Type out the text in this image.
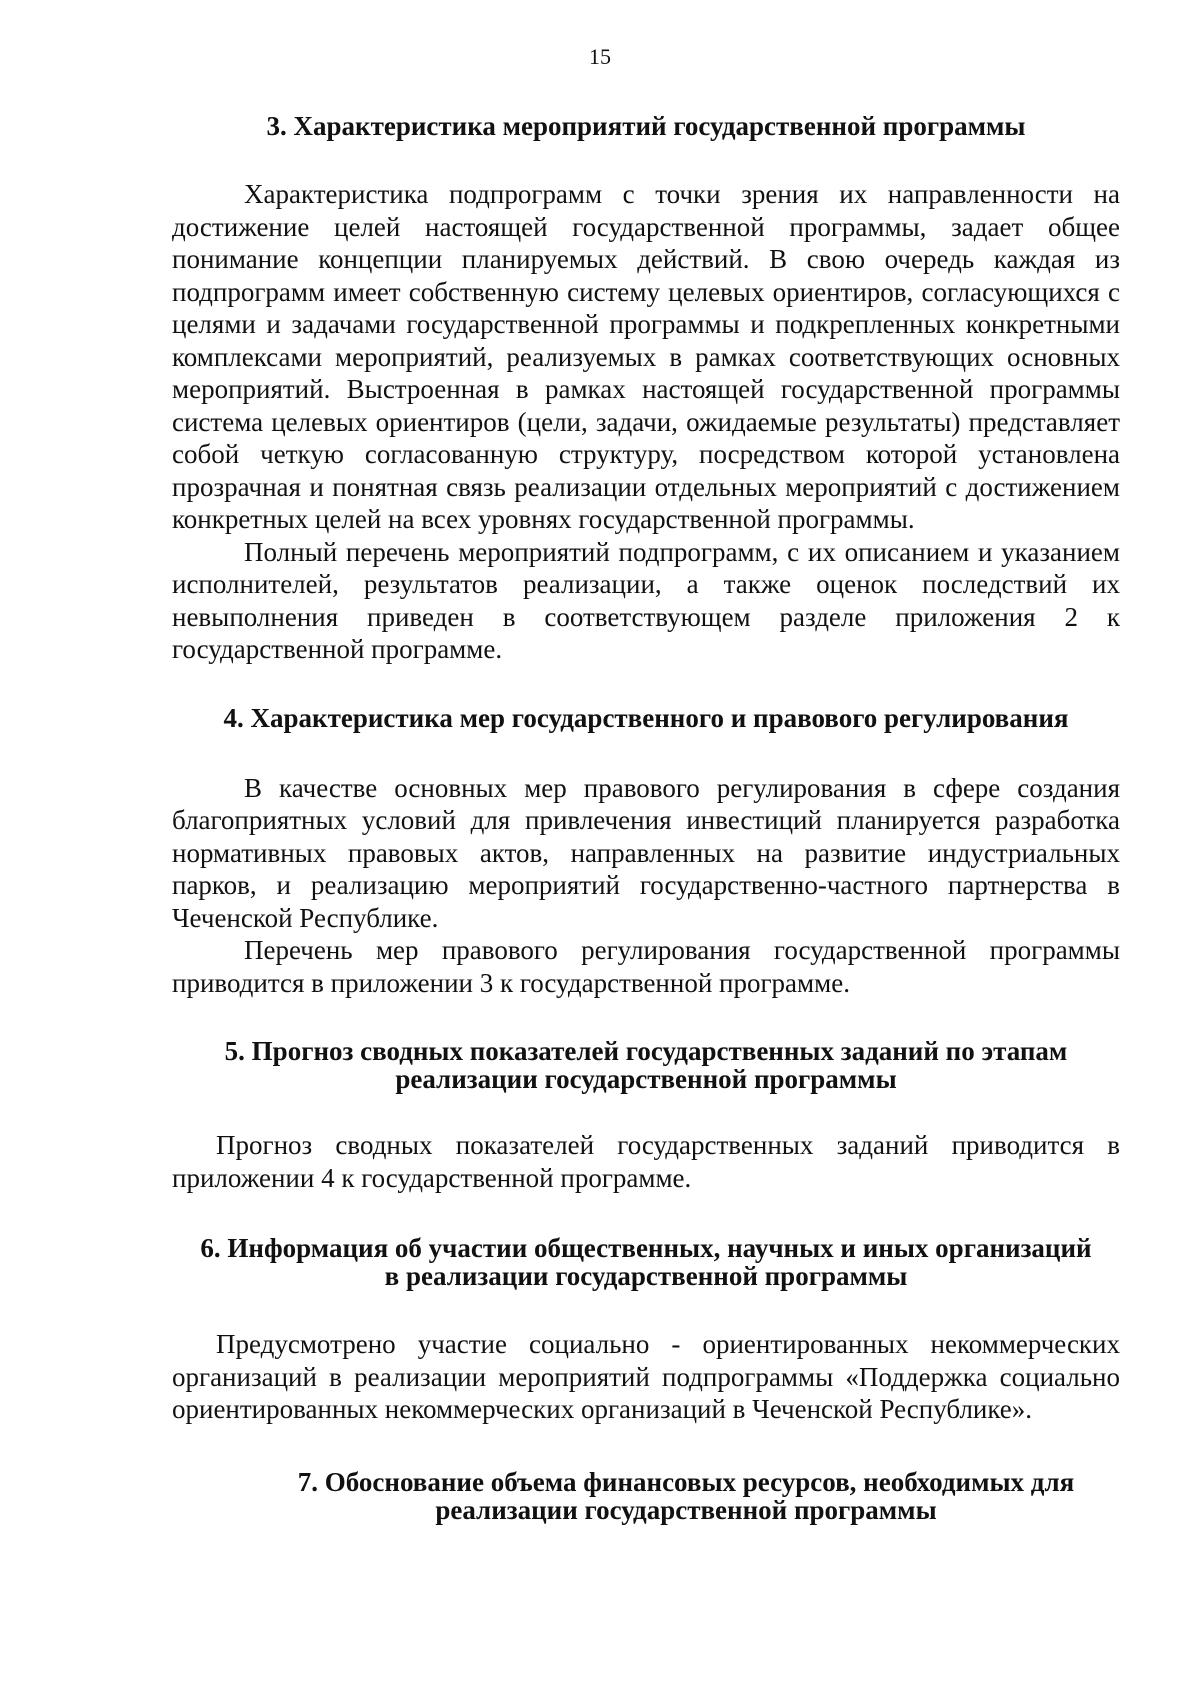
15
3. Характеристика мероприятий государственной программы

Характеристика подпрограмм с точки зрения их направленности на достижение целей настоящей государственной программы, задает общее понимание концепции планируемых действий. В свою очередь каждая из подпрограмм имеет собственную систему целевых ориентиров, согласующихся с целями и задачами государственной программы и подкрепленных конкретными комплексами мероприятий, реализуемых в рамках соответствующих основных мероприятий. Выстроенная в рамках настоящей государственной программы система целевых ориентиров (цели, задачи, ожидаемые результаты) представляет собой четкую согласованную структуру, посредством которой установлена прозрачная и понятная связь реализации отдельных мероприятий с достижением конкретных целей на всех уровнях государственной программы.

Полный перечень мероприятий подпрограмм, с их описанием и указанием исполнителей, результатов реализации, а также оценок последствий их невыполнения приведен в соответствующем разделе приложения 2 к государственной программе.

4. Характеристика мер государственного и правового регулирования

В качестве основных мер правового регулирования в сфере создания благоприятных условий для привлечения инвестиций планируется разработка нормативных правовых актов, направленных на развитие индустриальных парков, и реализацию мероприятий государственно-частного партнерства в Чеченской Республике.

Перечень мер правового регулирования государственной программы приводится в приложении 3 к государственной программе.

5. Прогноз сводных показателей государственных заданий по этапам
реализации государственной программы

Прогноз сводных показателей государственных заданий приводится в приложении 4 к государственной программе.

6. Информация об участии общественных, научных и иных организаций
в реализации государственной программы

Предусмотрено участие социально - ориентированных некоммерческих организаций в реализации мероприятий подпрограммы «Поддержка социально ориентированных некоммерческих организаций в Чеченской Республике».

7. Обоснование объема финансовых ресурсов, необходимых для
реализации государственной программы
